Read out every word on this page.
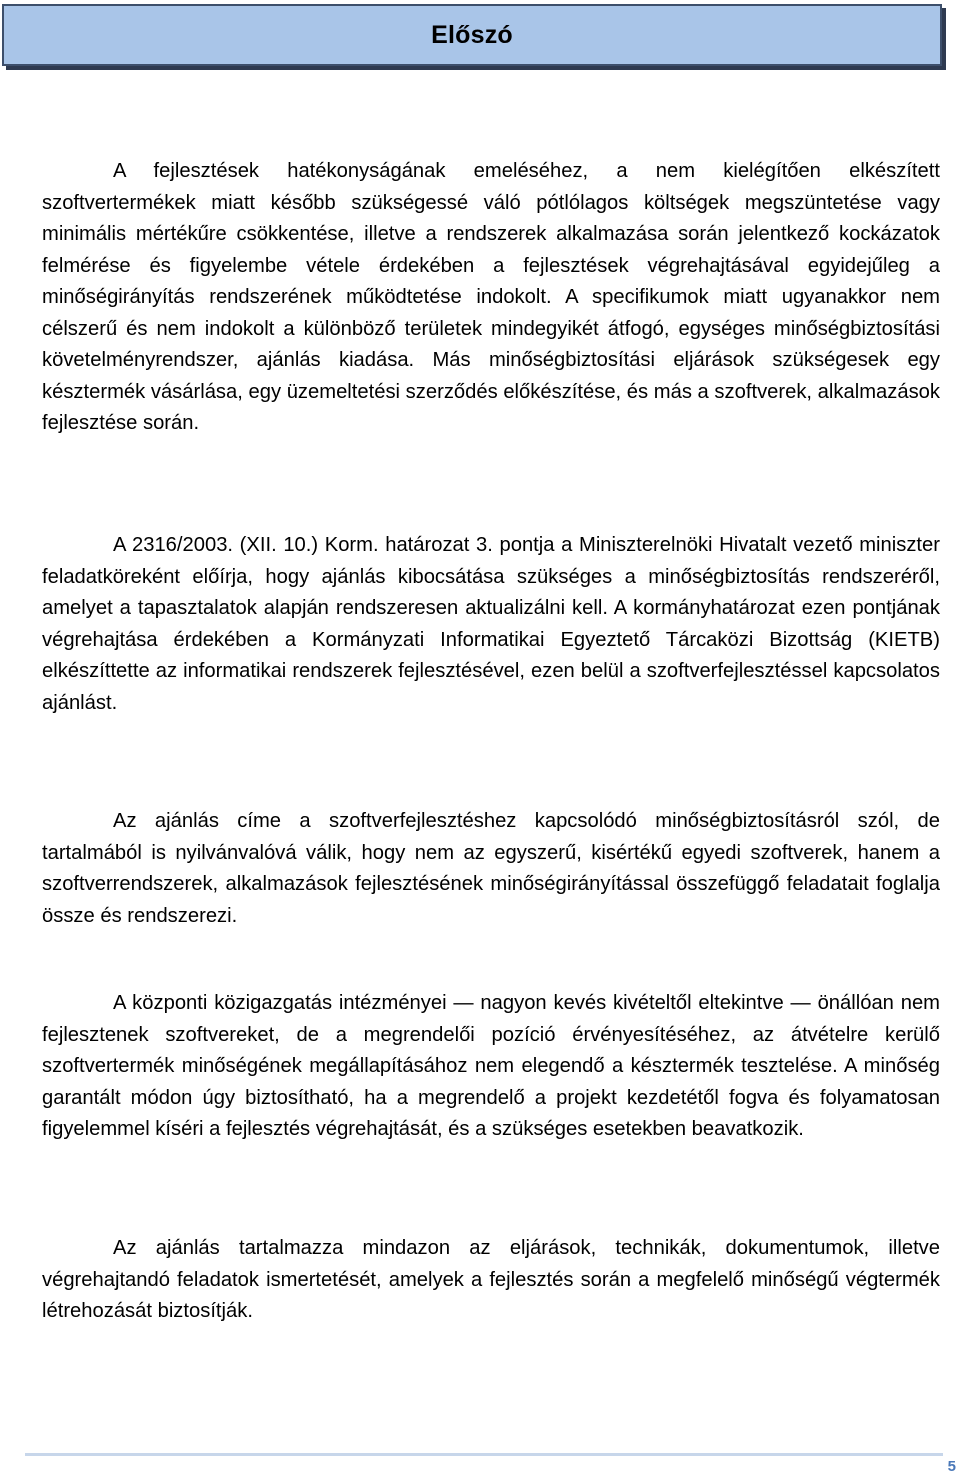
Előszó

A fejlesztések hatékonyságának emeléséhez, a nem kielégítően elkészített szoftvertermékek miatt később szükségessé váló pótlólagos költségek megszüntetése vagy minimális mértékűre csökkentése, illetve a rendszerek alkalmazása során jelentkező kockázatok felmérése és figyelembe vétele érdekében a fejlesztések végrehajtásával egyidejűleg a minőségirányítás rendszerének működtetése indokolt. A specifikumok miatt ugyanakkor nem célszerű és nem indokolt a különböző területek mindegyikét átfogó, egységes minőségbiztosítási követelményrendszer, ajánlás kiadása. Más minőségbiztosítási eljárások szükségesek egy késztermék vásárlása, egy üzemeltetési szerződés előkészítése, és más a szoftverek, alkalmazások fejlesztése során.

A 2316/2003. (XII. 10.) Korm. határozat 3. pontja a Miniszterelnöki Hivatalt vezető miniszter feladatköreként előírja, hogy ajánlás kibocsátása szükséges a minőségbiztosítás rendszeréről, amelyet a tapasztalatok alapján rendszeresen aktualizálni kell. A kormányhatározat ezen pontjának végrehajtása érdekében a Kormányzati Informatikai Egyeztető Tárcaközi Bizottság (KIETB) elkészíttette az informatikai rendszerek fejlesztésével, ezen belül a szoftverfejlesztéssel kapcsolatos ajánlást.

Az ajánlás címe a szoftverfejlesztéshez kapcsolódó minőségbiztosításról szól, de tartalmából is nyilvánvalóvá válik, hogy nem az egyszerű, kisértékű egyedi szoftverek, hanem a szoftverrendszerek, alkalmazások fejlesztésének minőségirányítással összefüggő feladatait foglalja össze és rendszerezi.

A központi közigazgatás intézményei — nagyon kevés kivételtől eltekintve — önállóan nem fejlesztenek szoftvereket, de a megrendelői pozíció érvényesítéséhez, az átvételre kerülő szoftvertermék minőségének megállapításához nem elegendő a késztermék tesztelése. A minőség garantált módon úgy biztosítható, ha a megrendelő a projekt kezdetétől fogva és folyamatosan figyelemmel kíséri a fejlesztés végrehajtását, és a szükséges esetekben beavatkozik.

Az ajánlás tartalmazza mindazon az eljárások, technikák, dokumentumok, illetve végrehajtandó feladatok ismertetését, amelyek a fejlesztés során a megfelelő minőségű végtermék létrehozását biztosítják.

5
